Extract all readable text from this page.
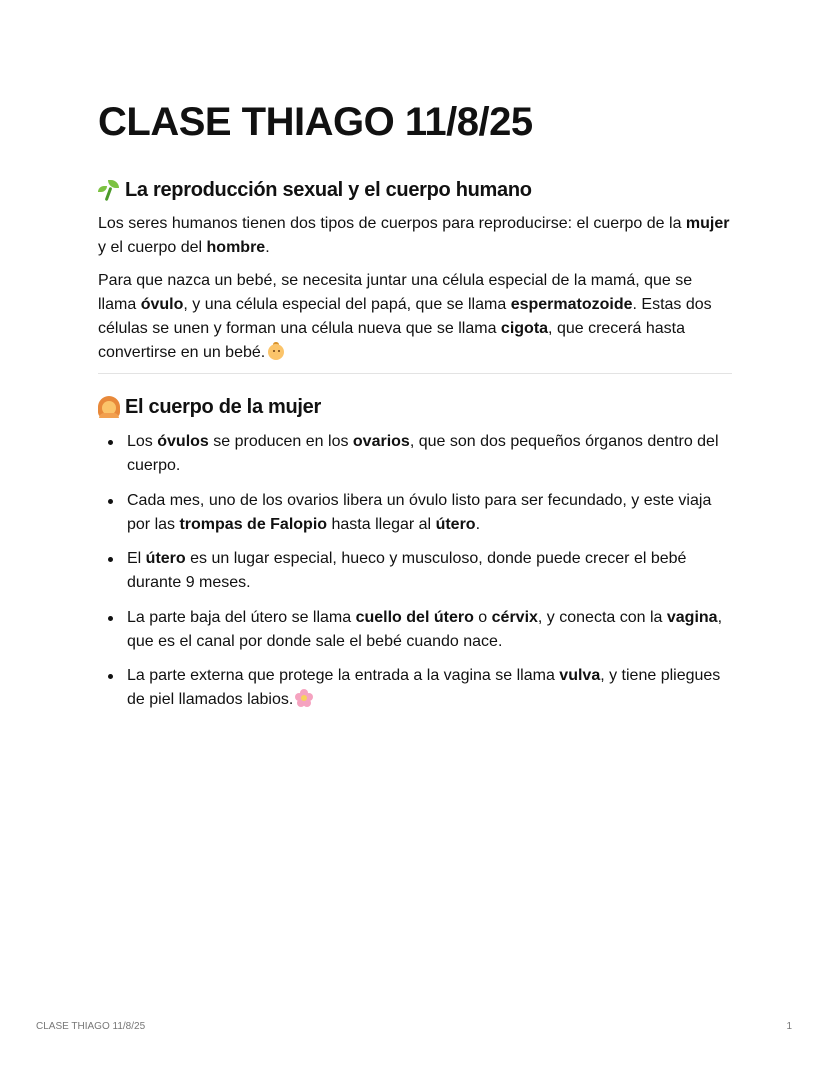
CLASE THIAGO 11/8/25
La reproducción sexual y el cuerpo humano

Los seres humanos tienen dos tipos de cuerpos para reproducirse: el cuerpo de la mujer y el cuerpo del hombre.

Para que nazca un bebé, se necesita juntar una célula especial de la mamá, que se llama óvulo, y una célula especial del papá, que se llama espermatozoide. Estas dos células se unen y forman una célula nueva que se llama cigota, que crecerá hasta convertirse en un bebé.

El cuerpo de la mujer
Los óvulos se producen en los ovarios, que son dos pequeños órganos dentro del cuerpo.
Cada mes, uno de los ovarios libera un óvulo listo para ser fecundado, y este viaja por las trompas de Falopio hasta llegar al útero.
El útero es un lugar especial, hueco y musculoso, donde puede crecer el bebé durante 9 meses.
La parte baja del útero se llama cuello del útero o cérvix, y conecta con la vagina, que es el canal por donde sale el bebé cuando nace.
La parte externa que protege la entrada a la vagina se llama vulva, y tiene pliegues de piel llamados labios.
CLASE THIAGO 11/8/25	1
